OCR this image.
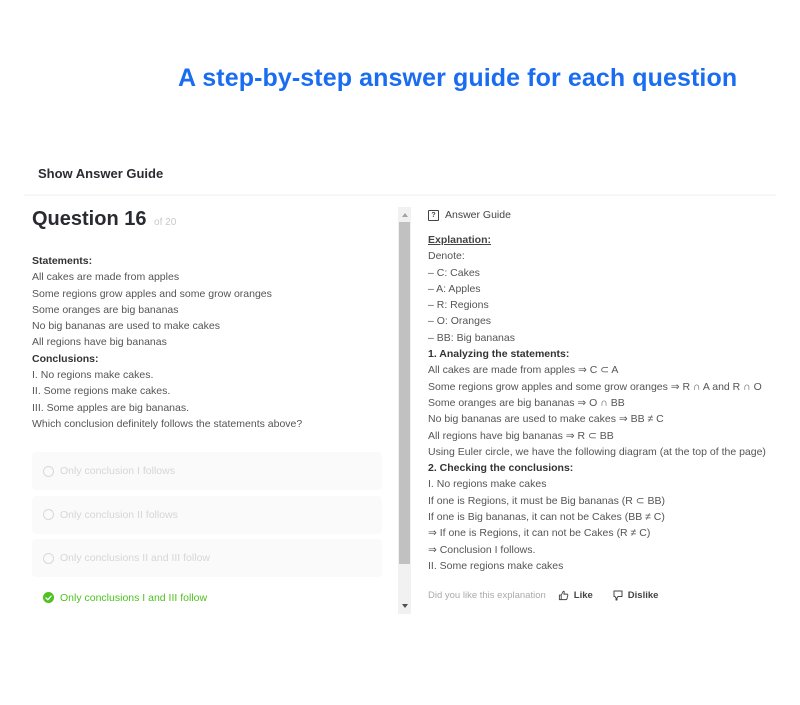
A step-by-step answer guide for each question
Show Answer Guide
Question 16 of 20
Statements:
All cakes are made from apples
Some regions grow apples and some grow oranges
Some oranges are big bananas
No big bananas are used to make cakes
All regions have big bananas
Conclusions:
I. No regions make cakes.
II. Some regions make cakes.
III. Some apples are big bananas.
Which conclusion definitely follows the statements above?
Only conclusion I follows
Only conclusion II follows
Only conclusions II and III follow
Only conclusions I and III follow
? Answer Guide
Explanation:
Denote:
– C: Cakes
– A: Apples
– R: Regions
– O: Oranges
– BB: Big bananas
1. Analyzing the statements:
All cakes are made from apples ⇒ C ⊂ A
Some regions grow apples and some grow oranges ⇒ R ∩ A and R ∩ O
Some oranges are big bananas ⇒ O ∩ BB
No big bananas are used to make cakes ⇒ BB ≠ C
All regions have big bananas ⇒ R ⊂ BB
Using Euler circle, we have the following diagram (at the top of the page)
2. Checking the conclusions:
I. No regions make cakes
If one is Regions, it must be Big bananas (R ⊂ BB)
If one is Big bananas, it can not be Cakes (BB ≠ C)
⇒ If one is Regions, it can not be Cakes (R ≠ C)
⇒ Conclusion I follows.
II. Some regions make cakes
Did you like this explanation	Like	Dislike
